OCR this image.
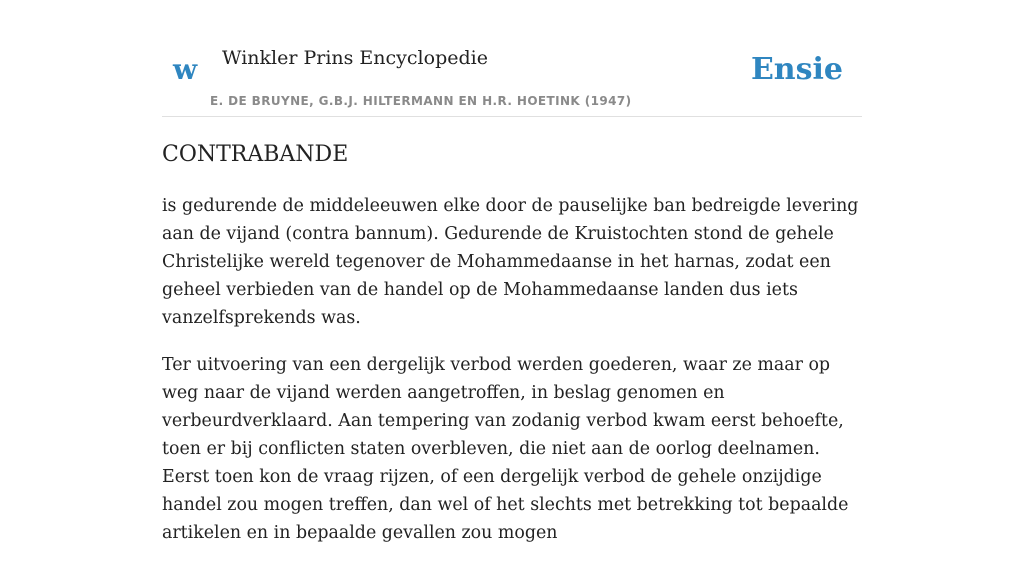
w Winkler Prins Encyclopedie
E. DE BRUYNE, G.B.J. HILTERMANN EN H.R. HOETINK (1947)
Ensie
CONTRABANDE

is gedurende de middeleeuwen elke door de pauselijke ban bedreigde levering aan de vijand (contra bannum). Gedurende de Kruistochten stond de gehele Christelijke wereld tegenover de Mohammedaanse in het harnas, zodat een geheel verbieden van de handel op de Mohammedaanse landen dus iets vanzelfsprekends was.

Ter uitvoering van een dergelijk verbod werden goederen, waar ze maar op weg naar de vijand werden aangetroffen, in beslag genomen en verbeurdverklaard. Aan tempering van zodanig verbod kwam eerst behoefte, toen er bij conflicten staten overbleven, die niet aan de oorlog deelnamen. Eerst toen kon de vraag rijzen, of een dergelijk verbod de gehele onzijdige handel zou mogen treffen, dan wel of het slechts met betrekking tot bepaalde artikelen en in bepaalde gevallen zou mogen
